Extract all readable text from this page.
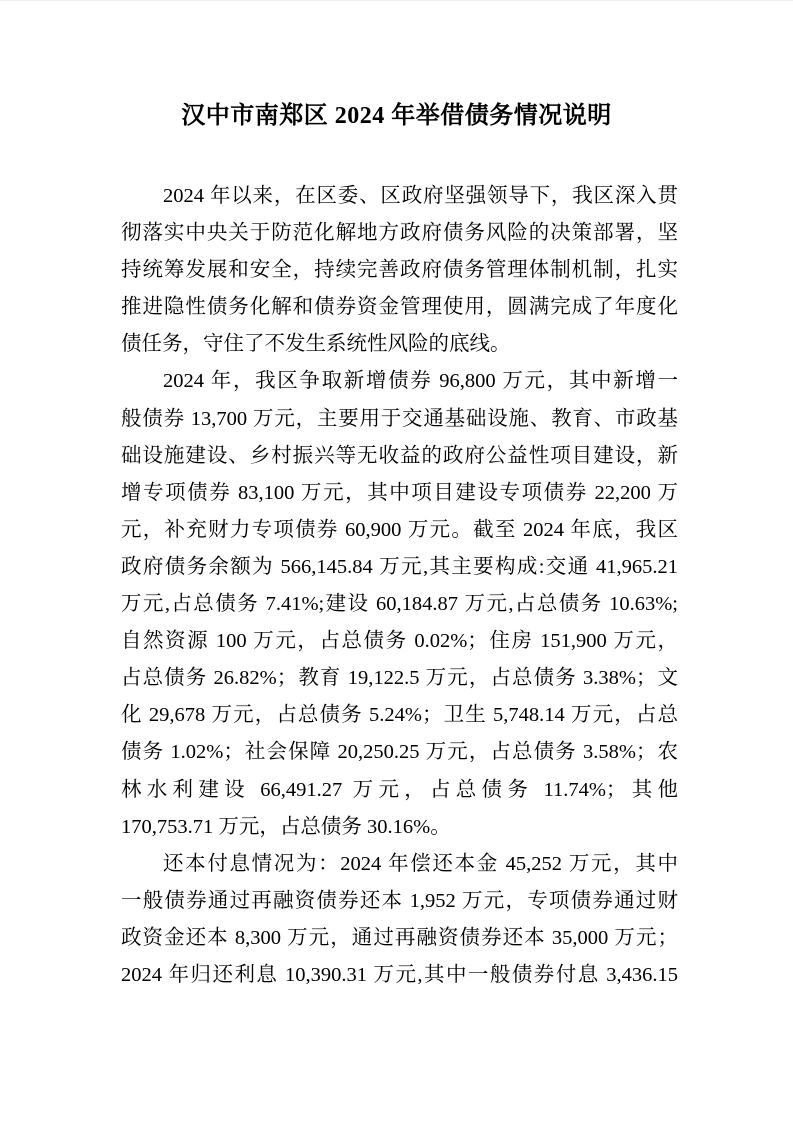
汉中市南郑区 2024 年举借债务情况说明
2024 年以来，在区委、区政府坚强领导下，我区深入贯
彻落实中央关于防范化解地方政府债务风险的决策部署，坚
持统筹发展和安全，持续完善政府债务管理体制机制，扎实
推进隐性债务化解和债券资金管理使用，圆满完成了年度化
债任务，守住了不发生系统性风险的底线。
2024 年，我区争取新增债券 96,800 万元，其中新增一
般债券 13,700 万元，主要用于交通基础设施、教育、市政基
础设施建设、乡村振兴等无收益的政府公益性项目建设，新
增专项债券 83,100 万元，其中项目建设专项债券 22,200 万
元，补充财力专项债券 60,900 万元。截至 2024 年底，我区
政府债务余额为 566,145.84 万元,其主要构成:交通 41,965.21
万元,占总债务 7.41%;建设 60,184.87 万元,占总债务 10.63%;
自然资源 100 万元，占总债务 0.02%；住房 151,900 万元，
占总债务 26.82%；教育 19,122.5 万元，占总债务 3.38%；文
化 29,678 万元，占总债务 5.24%；卫生 5,748.14 万元，占总
债务 1.02%；社会保障 20,250.25 万元，占总债务 3.58%；农
林水利建设 66,491.27 万元，占总债务 11.74%；其他
170,753.71 万元，占总债务 30.16%。
还本付息情况为：2024 年偿还本金 45,252 万元，其中
一般债券通过再融资债券还本 1,952 万元，专项债券通过财
政资金还本 8,300 万元，通过再融资债券还本 35,000 万元；
2024 年归还利息 10,390.31 万元,其中一般债券付息 3,436.15
